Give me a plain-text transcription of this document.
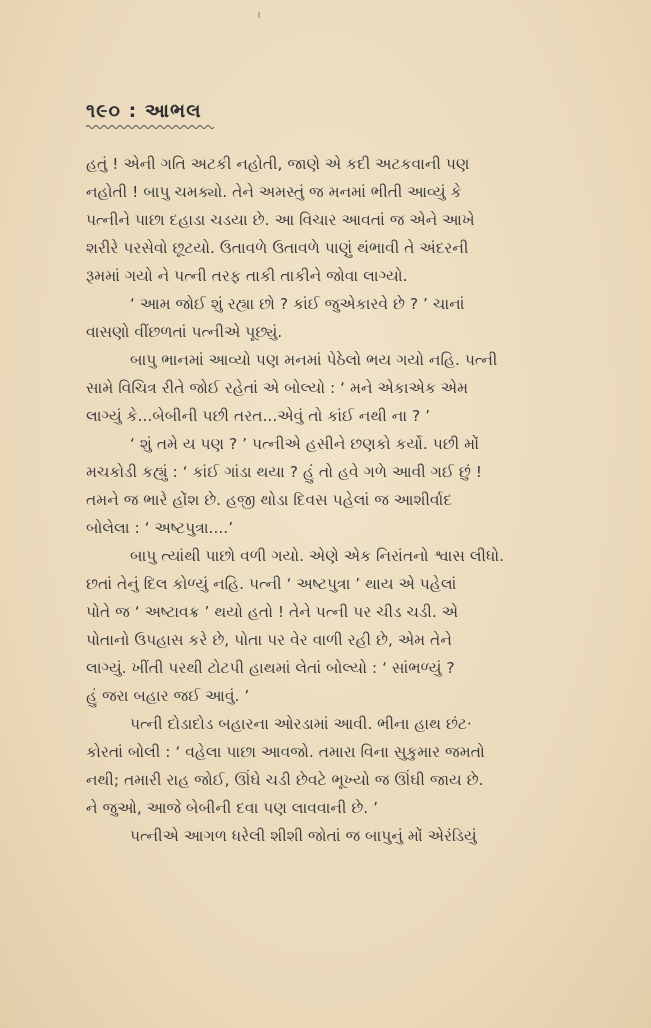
૧૯૦ : આભલ
હતું ! એની ગતિ અટકી નહોતી, જાણે એ કદી અટકવાની પણ
નહોતી ! બાપુ ચમક્યો. તેને અમસ્તું જ મનમાં ભીતી આવ્યું કે
પત્નીને પાછા દહાડા ચડયા છે. આ વિચાર આવતાં જ એને આખે
શરીરે પરસેવો છૂટયો. ઉતાવળે ઉતાવળે પાણું થંભાવી તે અંદરની
રૂમમાં ગયો ને પત્ની તરફ તાકી તાકીને જોવા લાગ્યો.
‘ આમ જોઈ શું રહ્યા છો ? કાંઈ જુએકારવે છે ? ’ ચાનાં
વાસણો વીંછળતાં પત્નીએ પૂછ્યું.
બાપુ ભાનમાં આવ્યો પણ મનમાં પેઠેલો ભય ગયો નહિ. પત્ની
સામે વિચિત્ર રીતે જોઈ રહેતાં એ બોલ્યો : ‘ મને એકાએક એમ
લાગ્યું કે...બેબીની પછી તરત...એવું તો કાંઈ નથી ના ? ’
‘ શું તમે ય પણ ? ’ પત્નીએ હસીને છણકો કર્યો. પછી મોં
મચકોડી કહ્યું : ‘ કાંઈ ગાંડા થયા ? હું તો હવે ગળે આવી ગઈ છું !
તમને જ ભારે હોંશ છે. હજી થોડા દિવસ પહેલાં જ આશીર્વાદ
બોલેલા : ‘ અષ્ટપુત્રા....’
બાપુ ત્યાંથી પાછો વળી ગયો. એણે એક નિરાંતનો શ્વાસ લીધો.
છતાં તેનું દિલ કોળ્યું નહિ. પત્ની ‘ અષ્ટપુત્રા ’ થાય એ પહેલાં
પોતે જ ‘ અષ્ટાવક્ર ’ થયો હતો ! તેને પત્ની પર ચીડ ચડી. એ
પોતાનો ઉપહાસ કરે છે, પોતા પર વેર વાળી રહી છે, એમ તેને
લાગ્યું. ખીંતી પરથી ટોટપી હાથમાં લેતાં બોલ્યો : ‘ સાંભળ્યું ?
હું જરા બહાર જઈ આવું. ’
પત્ની દોડાદોડ બહારના ઓરડામાં આવી. ભીના હાથ છંટ·
કોરતાં બોલી : ‘ વહેલા પાછા આવજો. તમારા વિના સુકુમાર જમતો
નથી; તમારી રાહ જોઈ, ઊંઘે ચડી છેવટે ભૂખ્યો જ ઊંઘી જાય છે.
ને જુઓ, આજે બેબીની દવા પણ લાવવાની છે. ’
પત્નીએ આગળ ધરેલી શીશી જોતાં જ બાપુનું મોં એરંડિયું
